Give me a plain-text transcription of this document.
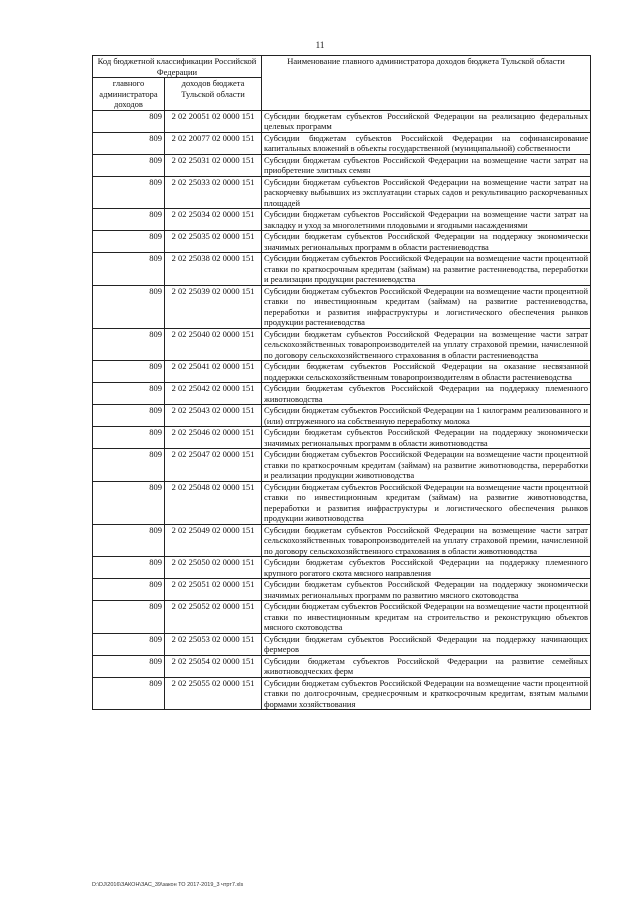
11
Код бюджетной классификации Российской Федерации		Наименование главного администратора доходов бюджета Тульской области
главного администратора доходов	доходов бюджета Тульской области	
809	2 02 20051 02 0000 151	Субсидии бюджетам субъектов Российской Федерации на реализацию федеральных целевых программ
809	2 02 20077 02 0000 151	Субсидии бюджетам субъектов Российской Федерации на софинансирование капитальных вложений в объекты государственной (муниципальной) собственности
809	2 02 25031 02 0000 151	Субсидии бюджетам субъектов Российской Федерации на возмещение части затрат на приобретение элитных семян
809	2 02 25033 02 0000 151	Субсидии бюджетам субъектов Российской Федерации на возмещение части затрат на раскорчевку выбывших из эксплуатации старых садов и рекультивацию раскорчеванных площадей
809	2 02 25034 02 0000 151	Субсидии бюджетам субъектов Российской Федерации на возмещение части затрат на закладку и уход за многолетними плодовыми и ягодными насаждениями
809	2 02 25035 02 0000 151	Субсидии бюджетам субъектов Российской Федерации на поддержку экономически значимых региональных программ в области растениеводства
809	2 02 25038 02 0000 151	Субсидии бюджетам субъектов Российской Федерации на возмещение части процентной ставки по краткосрочным кредитам (займам) на развитие растениеводства, переработки и реализации продукции растениеводства
809	2 02 25039 02 0000 151	Субсидии бюджетам субъектов Российской Федерации на возмещение части процентной ставки по инвестиционным кредитам (займам) на развитие растениеводства, переработки и развития инфраструктуры и логистического обеспечения рынков продукции растениеводства
809	2 02 25040 02 0000 151	Субсидии бюджетам субъектов Российской Федерации на возмещение части затрат сельскохозяйственных товаропроизводителей на уплату страховой премии, начисленной по договору сельскохозяйственного страхования в области растениеводства
809	2 02 25041 02 0000 151	Субсидии бюджетам субъектов Российской Федерации на оказание несвязанной поддержки сельскохозяйственным товаропроизводителям в области растениеводства
809	2 02 25042 02 0000 151	Субсидии бюджетам субъектов Российской Федерации на поддержку племенного животноводства
809	2 02 25043 02 0000 151	Субсидии бюджетам субъектов Российской Федерации на 1 килограмм реализованного и (или) отгруженного на собственную переработку молока
809	2 02 25046 02 0000 151	Субсидии бюджетам субъектов Российской Федерации на поддержку экономически значимых региональных программ в области животноводства
809	2 02 25047 02 0000 151	Субсидии бюджетам субъектов Российской Федерации на возмещение части процентной ставки по краткосрочным кредитам (займам) на развитие животноводства, переработки и реализации продукции животноводства
809	2 02 25048 02 0000 151	Субсидии бюджетам субъектов Российской Федерации на возмещение части процентной ставки по инвестиционным кредитам (займам) на развитие животноводства, переработки и развития инфраструктуры и логистического обеспечения рынков продукции животноводства
809	2 02 25049 02 0000 151	Субсидии бюджетам субъектов Российской Федерации на возмещение части затрат сельскохозяйственных товаропроизводителей на уплату страховой премии, начисленной по договору сельскохозяйственного страхования в области животноводства
809	2 02 25050 02 0000 151	Субсидии бюджетам субъектов Российской Федерации на поддержку племенного крупного рогатого скота мясного направления
809	2 02 25051 02 0000 151	Субсидии бюджетам субъектов Российской Федерации на поддержку экономически значимых региональных программ по развитию мясного скотоводства
809	2 02 25052 02 0000 151	Субсидии бюджетам субъектов Российской Федерации на возмещение части процентной ставки по инвестиционным кредитам на строительство и реконструкцию объектов мясного скотоводства
809	2 02 25053 02 0000 151	Субсидии бюджетам субъектов Российской Федерации на поддержку начинающих фермеров
809	2 02 25054 02 0000 151	Субсидии бюджетам субъектов Российской Федерации на развитие семейных животноводческих ферм
809	2 02 25055 02 0000 151	Субсидии бюджетам субъектов Российской Федерации на возмещение части процентной ставки по долгосрочным, среднесрочным и краткосрочным кредитам, взятым малыми формами хозяйствования
D:\DJ\2016\ЗАКОН\ЗАС_39\закон ТО 2017-2019_3 чтрт7.xls
